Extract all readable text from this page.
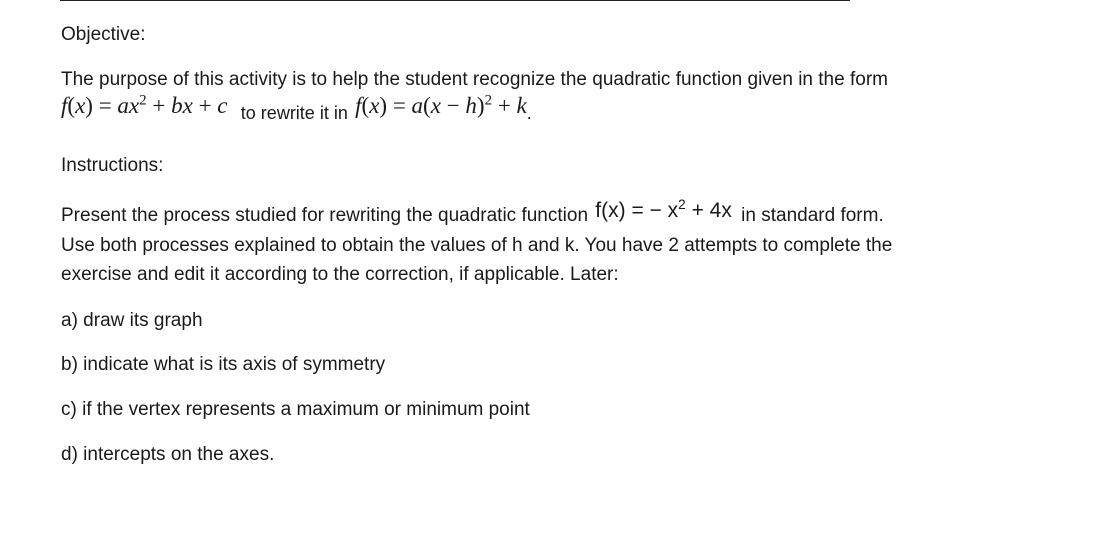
Objective:
The purpose of this activity is to help the student recognize the quadratic function given in the form
$f(x) = ax^2$ + bx + c to rewrite it in $f(x) = a(x - h)^2 + k$.
Instructions:
Present the process studied for rewriting the quadratic function f(x) = − $x^2 + 4x$ in standard form.
Use both processes explained to obtain the values of h and k. You have 2 attempts to complete the
exercise and edit it according to the correction, if applicable. Later:
a) draw its graph
b) indicate what is its axis of symmetry
c) if the vertex represents a maximum or minimum point
d) intercepts on the axes.
